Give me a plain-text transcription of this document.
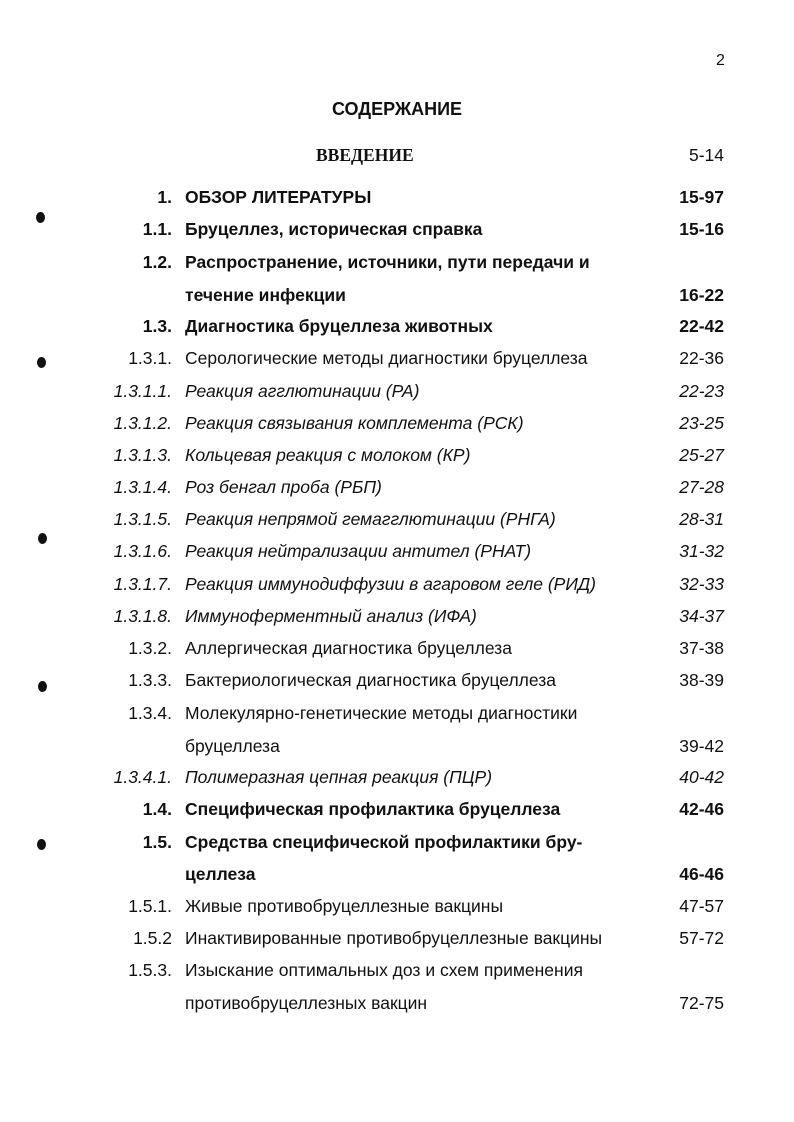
2
СОДЕРЖАНИЕ
ВВЕДЕНИЕ	5-14
1. ОБЗОР ЛИТЕРАТУРЫ	15-97
1.1. Бруцеллез, историческая справка	15-16
1.2. Распространение, источники, пути передачи и
течение инфекции	16-22
1.3. Диагностика бруцеллеза животных	22-42
1.3.1. Серологические методы диагностики бруцеллеза	22-36
1.3.1.1. Реакция агглютинации (РА)	22-23
1.3.1.2. Реакция связывания комплемента (РСК)	23-25
1.3.1.3. Кольцевая реакция с молоком (КР)	25-27
1.3.1.4. Роз бенгал проба (РБП)	27-28
1.3.1.5. Реакция непрямой гемагглютинации (РНГА)	28-31
1.3.1.6. Реакция нейтрализации антител (РНАТ)	31-32
1.3.1.7. Реакция иммунодиффузии в агаровом геле (РИД)	32-33
1.3.1.8. Иммуноферментный анализ (ИФА)	34-37
1.3.2. Аллергическая диагностика бруцеллеза	37-38
1.3.3. Бактериологическая диагностика бруцеллеза	38-39
1.3.4. Молекулярно-генетические методы диагностики
бруцеллеза	39-42
1.3.4.1. Полимеразная цепная реакция (ПЦР)	40-42
1.4. Специфическая профилактика бруцеллеза	42-46
1.5. Средства специфической профилактики бру-
целлеза	46-46
1.5.1. Живые противобруцеллезные вакцины	47-57
1.5.2 Инактивированные противобруцеллезные вакцины	57-72
1.5.3. Изыскание оптимальных доз и схем применения
противобруцеллезных вакцин	72-75
